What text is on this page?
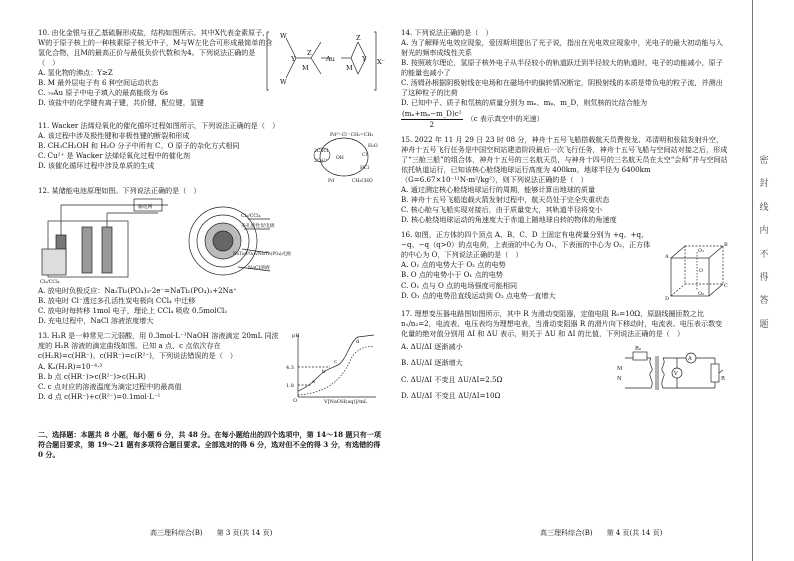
10. 由化金银与亚乙基硫脲形成盐，结构如图所示。其中X代表金素原子，W的于原子核上的一种核素原子核无中子，M与W左化合可形成最简单的含氢化合物，且M的最高正价与最低负价代数和为4。下列说法正确的是（　）
A. 氢化物的沸点：Y≥Z
B. M 最外层电子有 6 种空间运动状态
C. ₇₉Au 原子中电子填入的最高能级为 6s
D. 该盐中的化学键有离子键，共价键，配位键，氢键
W
Y
W
Z
M
Au
M
Y
Z
X⁻
11. Wacker 法烯烃氧化的催化循环过程如图所示，下列说法正确的是（　）
A. 该过程中涉及极性键和非极性键的断裂和形成
B. CH₃CH₂OH 和 H₂O 分子中所有 C、O 原子的杂化方式相同
C. Cu²⁺ 是 Wacker 法烯烃氧化过程中的催化剂
D. 该催化循环过程中涉及单质的生成
Pd²⁺·Cl⁻·CH₂=CH₂
2CuCl
2Cu²⁺
Pd
HCl
CH₃CHO
H₂O
OH
Cl⁻
12. 某储能电池原理如图。下列说法正确的是（　）
输电网
Cl₂/CCl₄
多孔活性炭电极
NaTi₂(PO₄)₃/Na₃Ti₂(PO₄)₃电极
NaCl溶液
Cl₂/CCl₄
A. 放电时负极反应：Na₃Ti₂(PO₄)₃-2e⁻=NaTi₂(PO₄)₃+2Na⁺
B. 放电时 Cl⁻透过多孔活性炭电极向 CCl₄ 中迁移
C. 放电时每转移 1mol 电子，理论上 CCl₄ 吸收 0.5molCl₂
D. 充电过程中，NaCl 溶液浓度增大
13. H₂R 是一种常见二元弱酸，用 0.3mol·L⁻¹NaOH 溶液滴定 20mL 同浓度的 H₂R 溶液的滴定曲线如图。已知 a 点、c 点依次存在 c(H₂R)=c(HR⁻)、c(HR⁻)=c(R²⁻)，下列说法错误的是（　）
A. Kₐ(H₂R)=10⁻⁴·³
B. b 点 c(HR⁻)>c(R²⁻)>c(H₂R)
C. c 点对应的溶液温度为滴定过程中的最高值
D. d 点 c(HR⁻)+c(R²⁻)=0.1mol·L⁻¹
pH
4.3
1.8
a
b
c
d
O	V[NaOH(aq)]/mL
二、选择题：本题共 8 小题，每小题 6 分，共 48 分。在每小题给出的四个选项中，第 14～18 题只有一项符合题目要求，第 19～21 题有多项符合题目要求。全部选对的得 6 分，选对但不全的得 3 分，有选错的得 0 分。
高三理科综合(B)　　第 3 页(共 14 页)
14. 下列说法正确的是（　）
A. 为了解释光电效应现象，爱因斯坦提出了光子说，指出在光电效应现象中，光电子的最大初动能与入射光的频率成线性关系
B. 按照玻尔理论，氢原子核外电子从半径较小的轨道跃迁到半径较大的轨道时，电子的动能减小，原子的能量也减小了
C. 汤姆孙根据阴极射线在电场和在磁场中的偏转情况断定，阴极射线的本质是带负电的粒子流，并测出了这种粒子的比荷
D. 已知中子、质子和氘核的质量分别为 mₙ、mₚ、m_D，则氘核的比结合能为
$\frac{\text{(mₙ+mₚ−m\_D)c²}}{2} (c$ 表示真空中的光速）
15. 2022 年 11 月 29 日 23 时 08 分，神舟十五号飞船搭载航天员费俊龙、邓清明和张陆发射升空，神舟十五号飞行任务是中国空间站建造阶段最后一次飞行任务，神舟十五号飞船与空间站对接之后，形成了“三舱三船”的组合体，神舟十五号的三名航天员，与神舟十四号的三名航天员在太空“会师”并与空间站依托轨道运行，已知该核心舱绕地球运行高度为 400km，地球半径为 6400km（G=6.67×10⁻¹¹N·m²/kg²），则下列说法正确的是（　）
A. 通过测定核心舱绕地球运行的周期，能够计算出地球的质量
B. 神舟十五号飞船追载火箭发射过程中，航天员处于完全失重状态
C. 核心舱与飞船实现对接后，由于质量变大，其轨道半径将变小
D. 核心舱绕地球运动的角速度大于赤道上随地球自转的物体的角速度
16. 如图，正方体的四个顶点 A、B、C、D 上固定有电荷量分别为 +q、+q、−q、−q（q>0）的点电荷，上表面的中心为 O₁，下表面的中心为 O₂，正方体的中心为 O，下列说法正确的是（　）
A. O₁ 点的电势大于 O₂ 点的电势
B. O 点的电势小于 O₁ 点的电势
C. O₁ 点与 O 点的电场强度可能相同
D. O₁ 点的电势沿直线运动到 O₂ 点电势一直增大
A
B
C
D
O₁
O
O₂
17. 理想变压器电路图如图所示，其中 R 为滑动变阻器，定值电阻 R₀=10Ω，原副线圈匝数之比 n₁/n₂=2，电流表、电压表均为理想电表，当滑动变阻器 R 的滑片向下移动时，电流表、电压表示数变化量的绝对值分别用 ΔI 和 ΔU 表示，则关于 ΔU 和 ΔI 的比值，下列说法正确的是（　）
A. ΔU/ΔI 逐渐减小
B. ΔU/ΔI 逐渐增大
C. ΔU/ΔI 不变且 ΔU/ΔI=2.5Ω
D. ΔU/ΔI 不变且 ΔU/ΔI=10Ω
M
N
R₀
A
V
R
高三理科综合(B)　　第 4 页(共 14 页)
密　封　线　内　不　得　答　题
